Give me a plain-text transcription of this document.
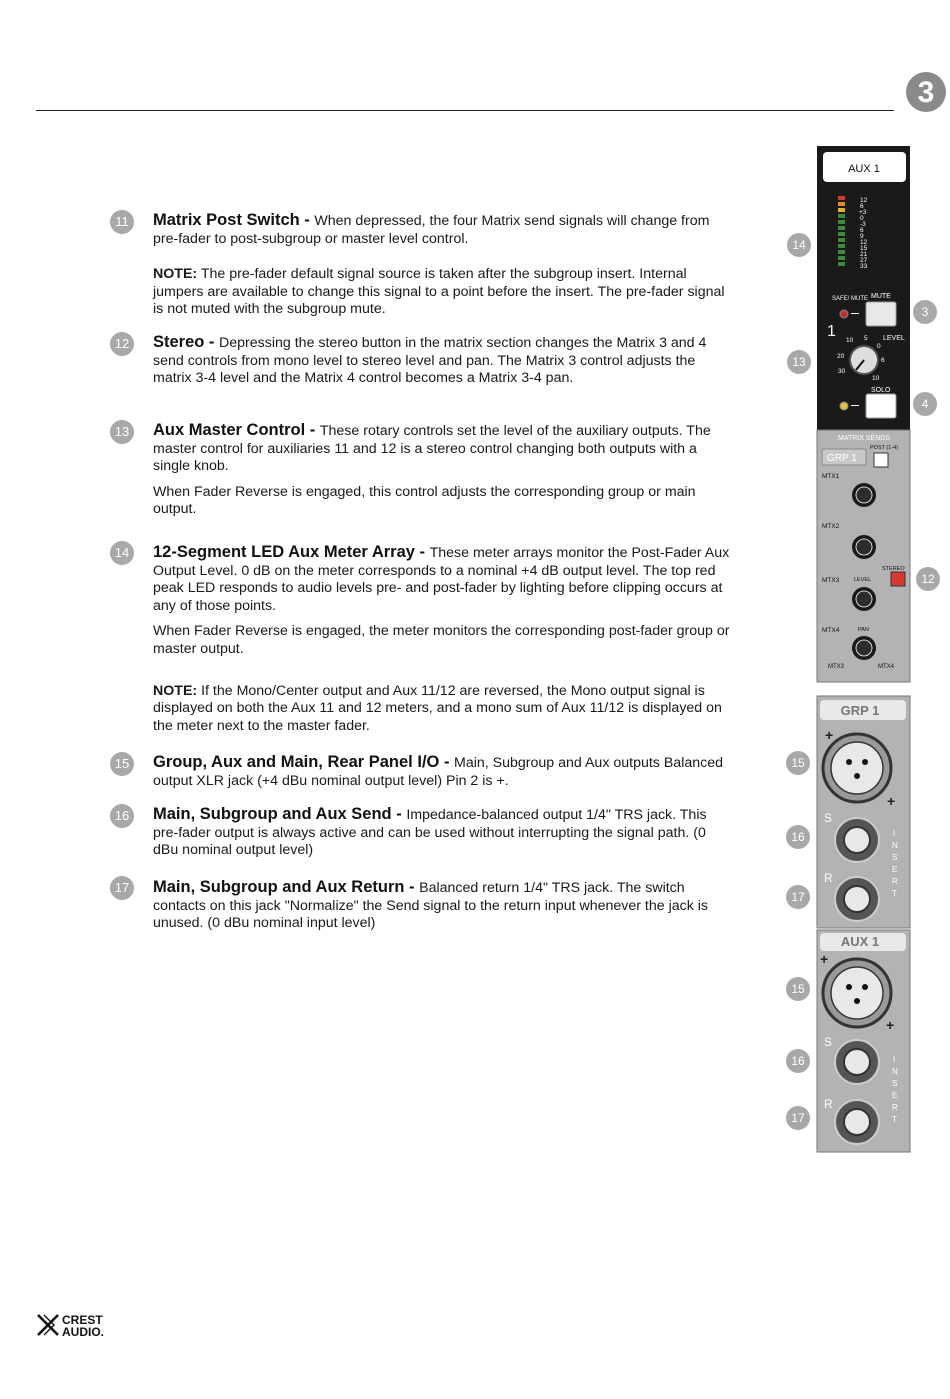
3
11	Matrix Post Switch - When depressed, the four Matrix send signals will change from pre-fader to post-subgroup or master level control.

NOTE: The pre-fader default signal source is taken after the subgroup insert. Internal jumpers are available to change this signal to a point before the insert. The pre-fader signal is not muted with the subgroup mute.

12 Stereo - Depressing the stereo button in the matrix section changes the Matrix 3 and 4 send controls from mono level to stereo level and pan. The Matrix 3 control adjusts the matrix 3-4 level and the Matrix 4 control becomes a Matrix 3-4 pan.

13 Aux Master Control - These rotary controls set the level of the auxiliary outputs. The master control for auxiliaries 11 and 12 is a stereo control changing both outputs with a single knob.

When Fader Reverse is engaged, this control adjusts the corresponding group or main output.

14 12-Segment LED Aux Meter Array - These meter arrays monitor the Post-Fader Aux Output Level. 0 dB on the meter corresponds to a nominal +4 dB output level. The top red peak LED responds to audio levels pre- and post-fader by lighting before clipping occurs at any of those points.

When Fader Reverse is engaged, the meter monitors the corresponding post-fader group or master output.

NOTE: If the Mono/Center output and Aux 11/12 are reversed, the Mono output signal is displayed on both the Aux 11 and 12 meters, and a mono sum of Aux 11/12 is displayed on the meter next to the master fader.

15 Group, Aux and Main, Rear Panel I/O - Main, Subgroup and Aux outputs Balanced output XLR jack (+4 dBu nominal output level) Pin 2 is +.

16 Main, Subgroup and Aux Send - Impedance-balanced output 1/4" TRS jack. This pre-fader output is always active and can be used without interrupting the signal path. (0 dBu nominal output level)

17 Main, Subgroup and Aux Return - Balanced return 1/4" TRS jack. The switch contacts on this jack "Normalize" the Send signal to the return input whenever the jack is unused. (0 dBu nominal input level)

AUX 1
12
6
+3
0
-3
6
9
12
15
21
27
33
SAFE/ MUTE MUTE
1	LEVEL
10
20
30
5
0
6
10
SOLO
MATRIX SENDS
GRP 1
POST (1-4)
MTX1
MTX2
MTX3
MTX4
STEREO
LEVEL
PAN
MTX3	MTX4
GRP 1
+
+
S
R
I
N
S
E
R
T
AUX 1
+
+
S
R
I
N
S
E
R
T
14
3
13
4
12
15
16
17
15
16
17
CREST
AUDIO.
